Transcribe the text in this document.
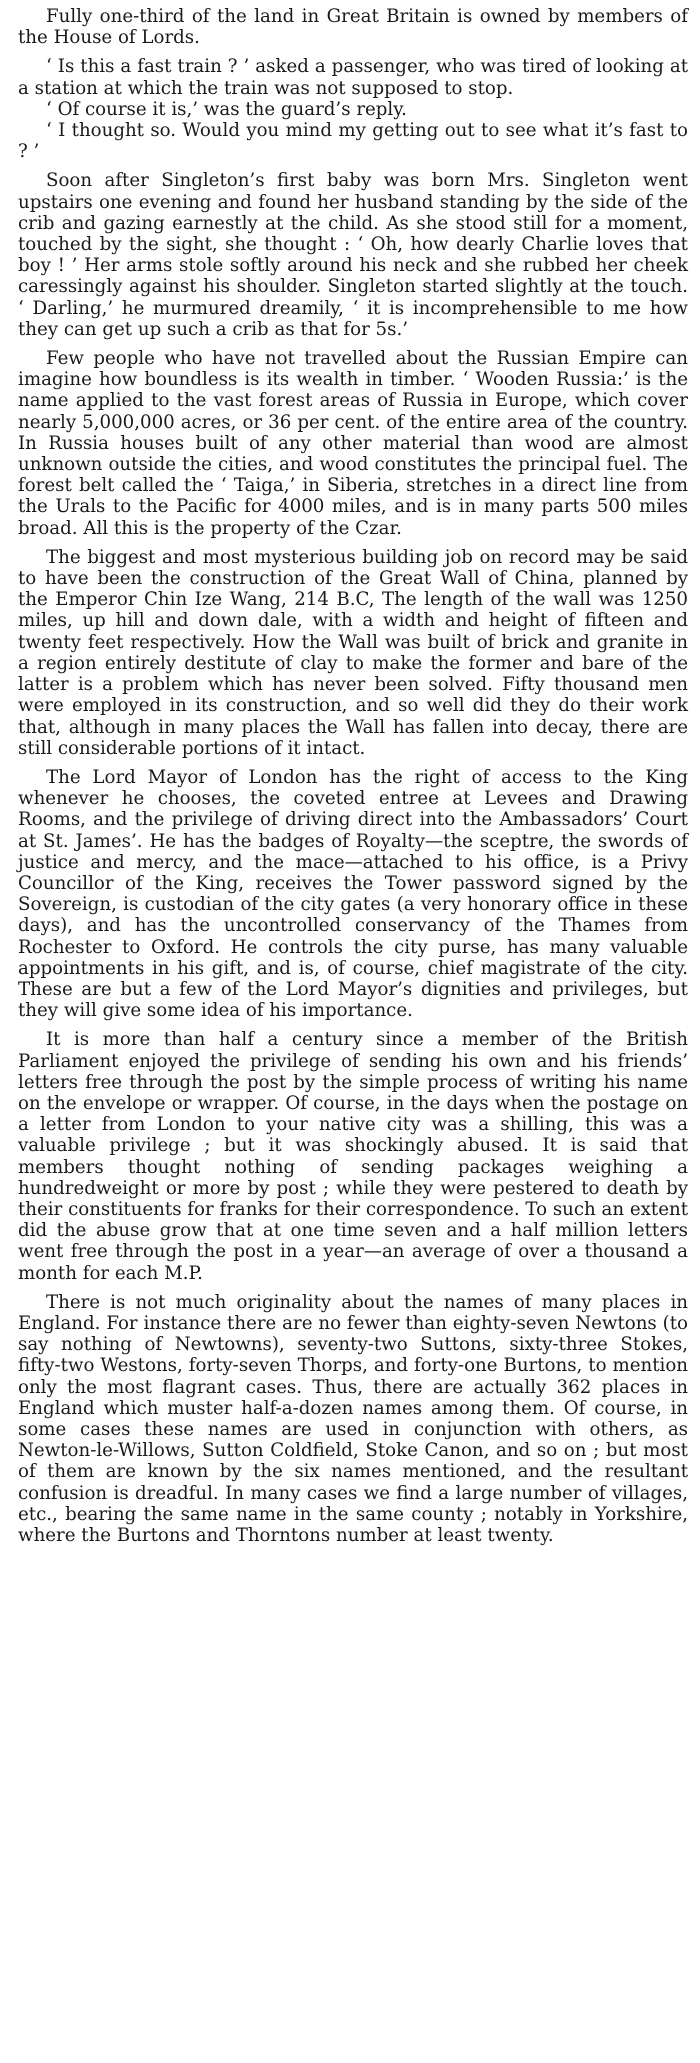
Fully one-third of the land in Great Britain is owned by members of the House of Lords.

‘ Is this a fast train ? ’ asked a passenger, who was tired of looking at a station at which the train was not supposed to stop.
‘ Of course it is,’ was the guard’s reply.
‘ I thought so. Would you mind my getting out to see what it’s fast to ? ’

Soon after Singleton’s first baby was born Mrs. Singleton went upstairs one evening and found her husband standing by the side of the crib and gazing earnestly at the child. As she stood still for a moment, touched by the sight, she thought : ‘ Oh, how dearly Charlie loves that boy ! ’ Her arms stole softly around his neck and she rubbed her cheek caressingly against his shoulder. Singleton started slightly at the touch. ‘ Darling,’ he murmured dreamily, ‘ it is incomprehensible to me how they can get up such a crib as that for 5s.’

Few people who have not travelled about the Russian Empire can imagine how boundless is its wealth in timber. ‘ Wooden Russia:’ is the name applied to the vast forest areas of Russia in Europe, which cover nearly 5,000,000 acres, or 36 per cent. of the entire area of the country. In Russia houses built of any other material than wood are almost unknown outside the cities, and wood constitutes the principal fuel. The forest belt called the ‘ Taiga,’ in Siberia, stretches in a direct line from the Urals to the Pacific for 4000 miles, and is in many parts 500 miles broad. All this is the property of the Czar.

The biggest and most mysterious building job on record may be said to have been the construction of the Great Wall of China, planned by the Emperor Chin Ize Wang, 214 B.C, The length of the wall was 1250 miles, up hill and down dale, with a width and height of fifteen and twenty feet respectively. How the Wall was built of brick and granite in a region entirely destitute of clay to make the former and bare of the latter is a problem which has never been solved. Fifty thousand men were employed in its construction, and so well did they do their work that, although in many places the Wall has fallen into decay, there are still considerable portions of it intact.

The Lord Mayor of London has the right of access to the King whenever he chooses, the coveted entree at Levees and Drawing Rooms, and the privilege of driving direct into the Ambassadors’ Court at St. James’. He has the badges of Royalty—the sceptre, the swords of justice and mercy, and the mace—attached to his office, is a Privy Councillor of the King, receives the Tower password signed by the Sovereign, is custodian of the city gates (a very honorary office in these days), and has the uncontrolled conservancy of the Thames from Rochester to Oxford. He controls the city purse, has many valuable appointments in his gift, and is, of course, chief magistrate of the city. These are but a few of the Lord Mayor’s dignities and privileges, but they will give some idea of his importance.

It is more than half a century since a member of the British Parliament enjoyed the privilege of sending his own and his friends’ letters free through the post by the simple process of writing his name on the envelope or wrapper. Of course, in the days when the postage on a letter from London to your native city was a shilling, this was a valuable privilege ; but it was shockingly abused. It is said that members thought nothing of sending packages weighing a hundredweight or more by post ; while they were pestered to death by their constituents for franks for their correspondence. To such an extent did the abuse grow that at one time seven and a half million letters went free through the post in a year—an average of over a thousand a month for each M.P.

There is not much originality about the names of many places in England. For instance there are no fewer than eighty-seven Newtons (to say nothing of Newtowns), seventy-two Suttons, sixty-three Stokes, fifty-two Westons, forty-seven Thorps, and forty-one Burtons, to mention only the most flagrant cases. Thus, there are actually 362 places in England which muster half-a-dozen names among them. Of course, in some cases these names are used in conjunction with others, as Newton-le-Willows, Sutton Coldfield, Stoke Canon, and so on ; but most of them are known by the six names mentioned, and the resultant confusion is dreadful. In many cases we find a large number of villages, etc., bearing the same name in the same county ; notably in Yorkshire, where the Burtons and Thorntons number at least twenty.
